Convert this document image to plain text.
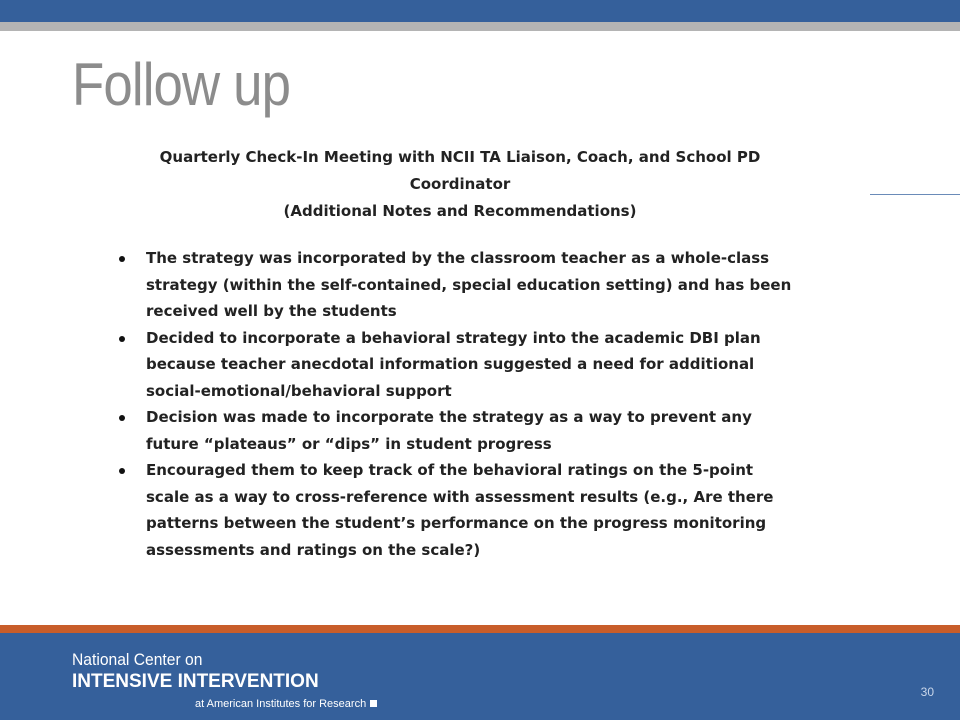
Follow up
Quarterly Check-In Meeting with NCII TA Liaison, Coach, and School PD
Coordinator
(Additional Notes and Recommendations)
The strategy was incorporated by the classroom teacher as a whole-class
strategy (within the self-contained, special education setting) and has been
received well by the students
Decided to incorporate a behavioral strategy into the academic DBI plan
because teacher anecdotal information suggested a need for additional
social-emotional/behavioral support
Decision was made to incorporate the strategy as a way to prevent any
future “plateaus” or “dips” in student progress
Encouraged them to keep track of the behavioral ratings on the 5-point
scale as a way to cross-reference with assessment results (e.g., Are there
patterns between the student’s performance on the progress monitoring
assessments and ratings on the scale?)
National Center on
INTENSIVE INTERVENTION
at American Institutes for Research
30
